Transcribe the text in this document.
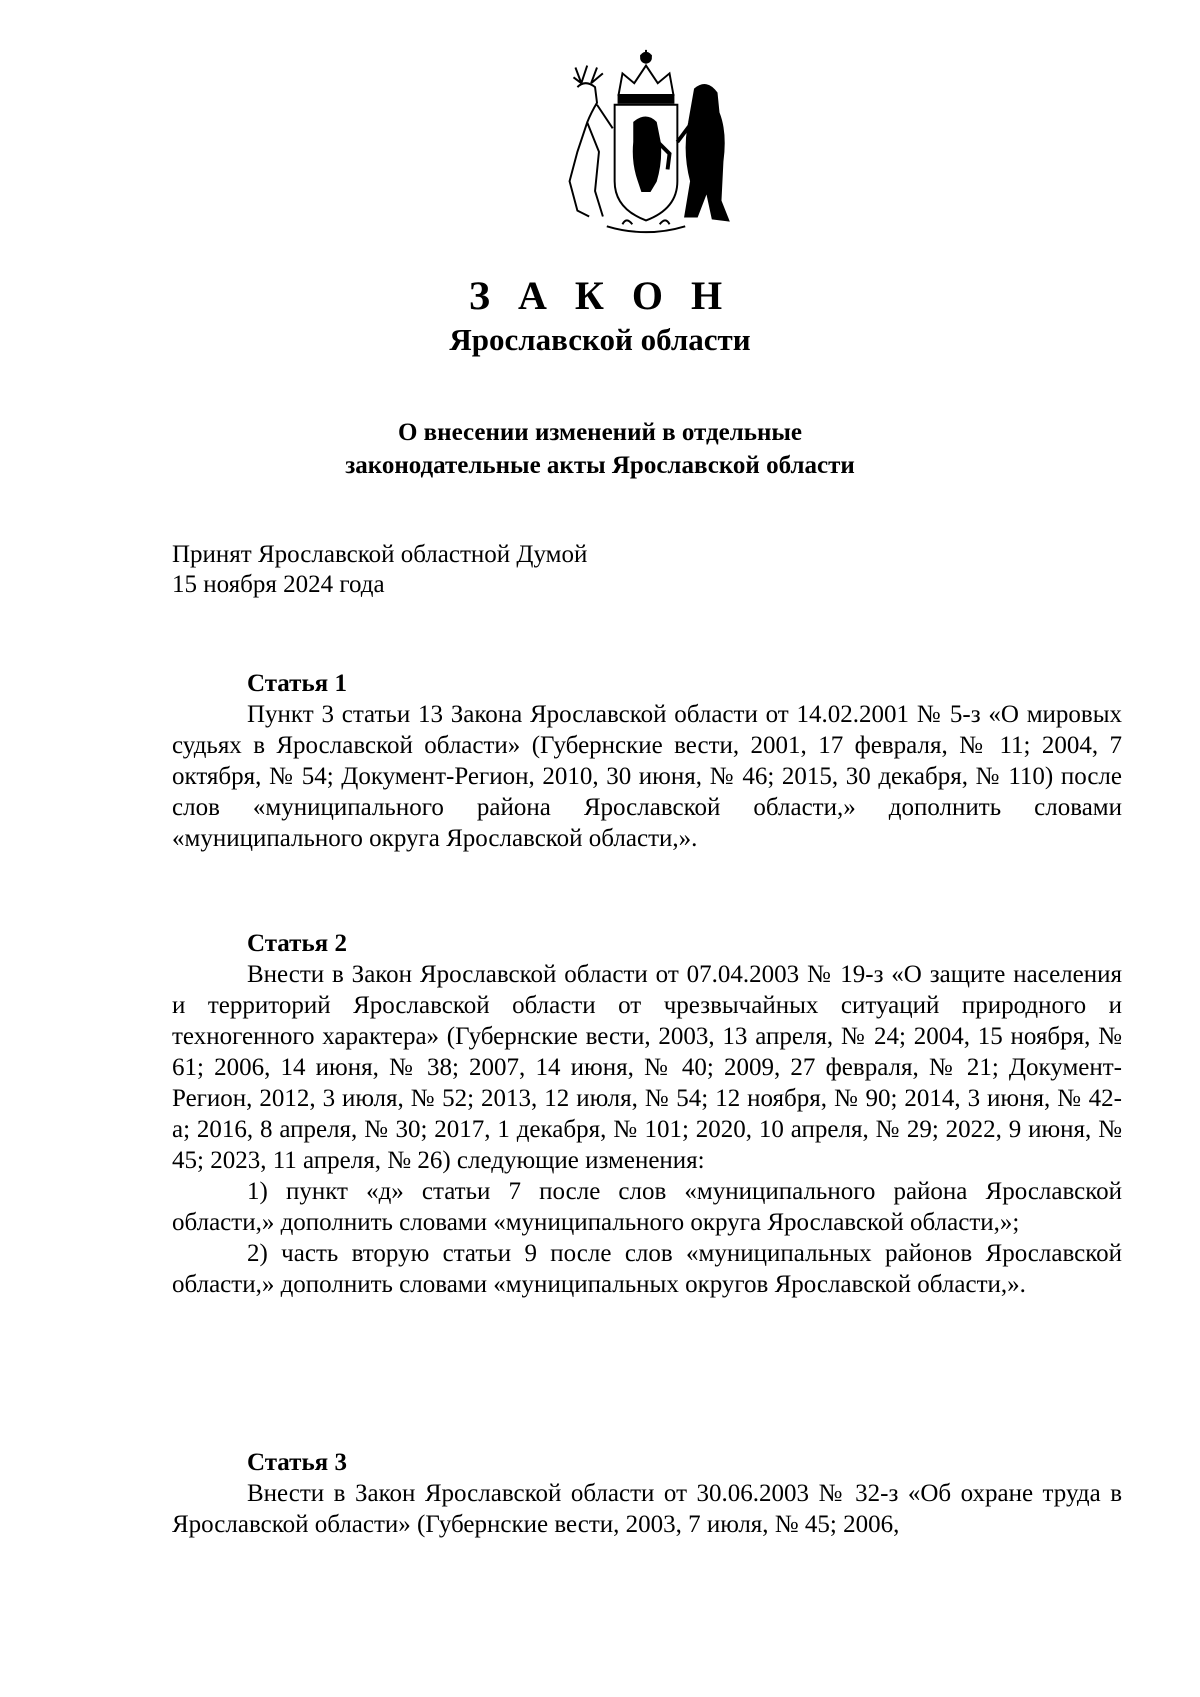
З А К О Н
Ярославской области
О внесении изменений в отдельные
законодательные акты Ярославской области
Принят Ярославской областной Думой
15 ноября 2024 года
Статья 1
Пункт 3 статьи 13 Закона Ярославской области от 14.02.2001 № 5-з «О мировых судьях в Ярославской области» (Губернские вести, 2001, 17 февраля, № 11; 2004, 7 октября, № 54; Документ-Регион, 2010, 30 июня, № 46; 2015, 30 декабря, № 110) после слов «муниципального района Ярославской области,» дополнить словами «муниципального округа Ярославской области,».
Статья 2
Внести в Закон Ярославской области от 07.04.2003 № 19-з «О защите населения и территорий Ярославской области от чрезвычайных ситуаций природного и техногенного характера» (Губернские вести, 2003, 13 апреля, № 24; 2004, 15 ноября, № 61; 2006, 14 июня, № 38; 2007, 14 июня, № 40; 2009, 27 февраля, № 21; Документ-Регион, 2012, 3 июля, № 52; 2013, 12 июля, № 54; 12 ноября, № 90; 2014, 3 июня, № 42-а; 2016, 8 апреля, № 30; 2017, 1 декабря, № 101; 2020, 10 апреля, № 29; 2022, 9 июня, № 45; 2023, 11 апреля, № 26) следующие изменения:
1) пункт «д» статьи 7 после слов «муниципального района Ярославской области,» дополнить словами «муниципального округа Ярославской области,»;
2) часть вторую статьи 9 после слов «муниципальных районов Ярославской области,» дополнить словами «муниципальных округов Ярославской области,».
Статья 3
Внести в Закон Ярославской области от 30.06.2003 № 32-з «Об охране труда в Ярославской области» (Губернские вести, 2003, 7 июля, № 45; 2006,
